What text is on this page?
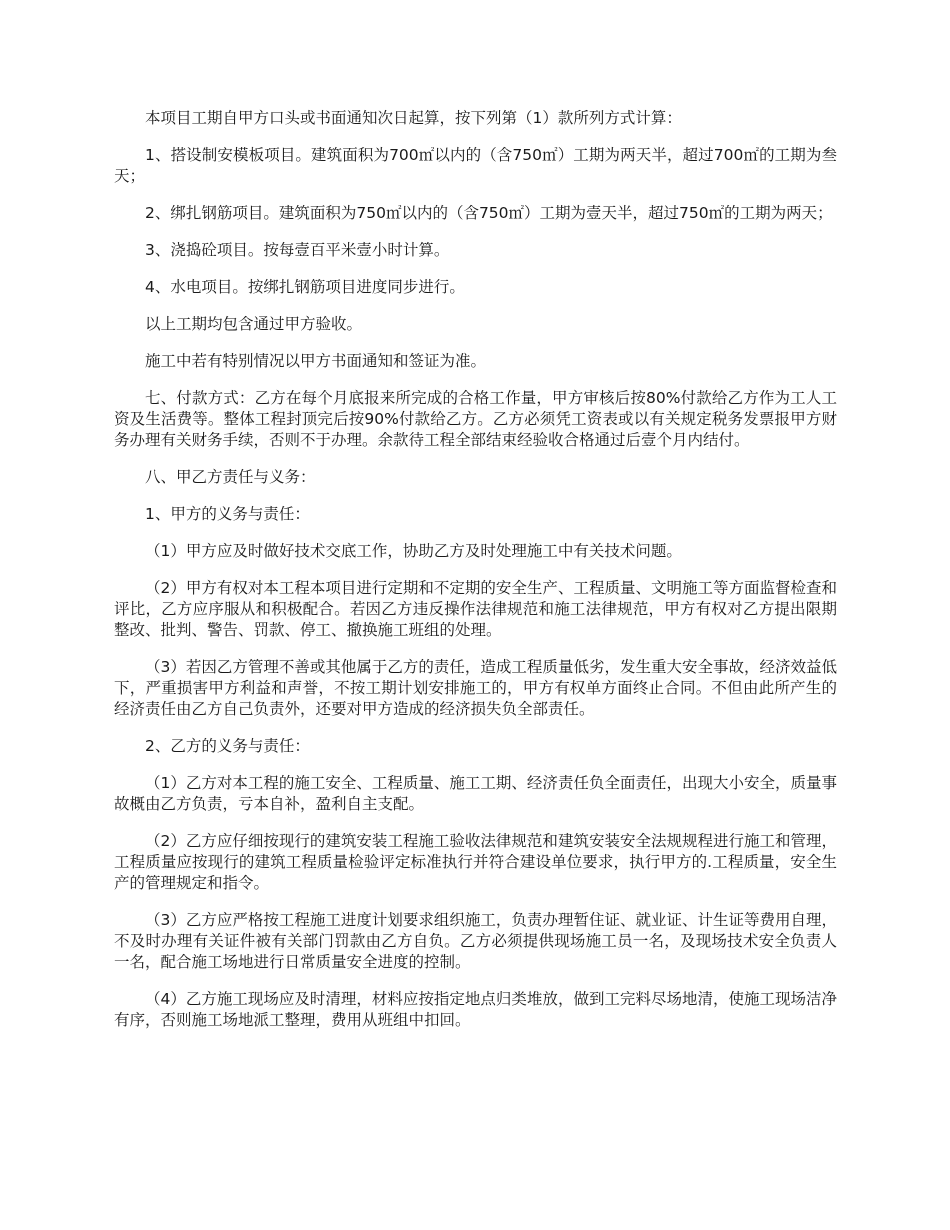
本项目工期自甲方口头或书面通知次日起算，按下列第（1）款所列方式计算：

1、搭设制安模板项目。建筑面积为700㎡以内的（含750㎡）工期为两天半，超过700㎡的工期为叁天；

2、绑扎钢筋项目。建筑面积为750㎡以内的（含750㎡）工期为壹天半，超过750㎡的工期为两天；

3、浇捣砼项目。按每壹百平米壹小时计算。

4、水电项目。按绑扎钢筋项目进度同步进行。

以上工期均包含通过甲方验收。

施工中若有特别情况以甲方书面通知和签证为准。

七、付款方式：乙方在每个月底报来所完成的合格工作量，甲方审核后按80%付款给乙方作为工人工资及生活费等。整体工程封顶完后按90%付款给乙方。乙方必须凭工资表或以有关规定税务发票报甲方财务办理有关财务手续，否则不于办理。余款待工程全部结束经验收合格通过后壹个月内结付。

八、甲乙方责任与义务：

1、甲方的义务与责任：

（1）甲方应及时做好技术交底工作，协助乙方及时处理施工中有关技术问题。

（2）甲方有权对本工程本项目进行定期和不定期的安全生产、工程质量、文明施工等方面监督检查和评比，乙方应序服从和积极配合。若因乙方违反操作法律规范和施工法律规范，甲方有权对乙方提出限期整改、批判、警告、罚款、停工、撤换施工班组的处理。

（3）若因乙方管理不善或其他属于乙方的责任，造成工程质量低劣，发生重大安全事故，经济效益低下，严重损害甲方利益和声誉，不按工期计划安排施工的，甲方有权单方面终止合同。不但由此所产生的经济责任由乙方自己负责外，还要对甲方造成的经济损失负全部责任。

2、乙方的义务与责任：

（1）乙方对本工程的施工安全、工程质量、施工工期、经济责任负全面责任，出现大小安全，质量事故概由乙方负责，亏本自补，盈利自主支配。

（2）乙方应仔细按现行的建筑安装工程施工验收法律规范和建筑安装安全法规规程进行施工和管理，工程质量应按现行的建筑工程质量检验评定标准执行并符合建设单位要求，执行甲方的.工程质量，安全生产的管理规定和指令。

（3）乙方应严格按工程施工进度计划要求组织施工，负责办理暂住证、就业证、计生证等费用自理，不及时办理有关证件被有关部门罚款由乙方自负。乙方必须提供现场施工员一名，及现场技术安全负责人一名，配合施工场地进行日常质量安全进度的控制。

（4）乙方施工现场应及时清理，材料应按指定地点归类堆放，做到工完料尽场地清，使施工现场洁净有序，否则施工场地派工整理，费用从班组中扣回。
